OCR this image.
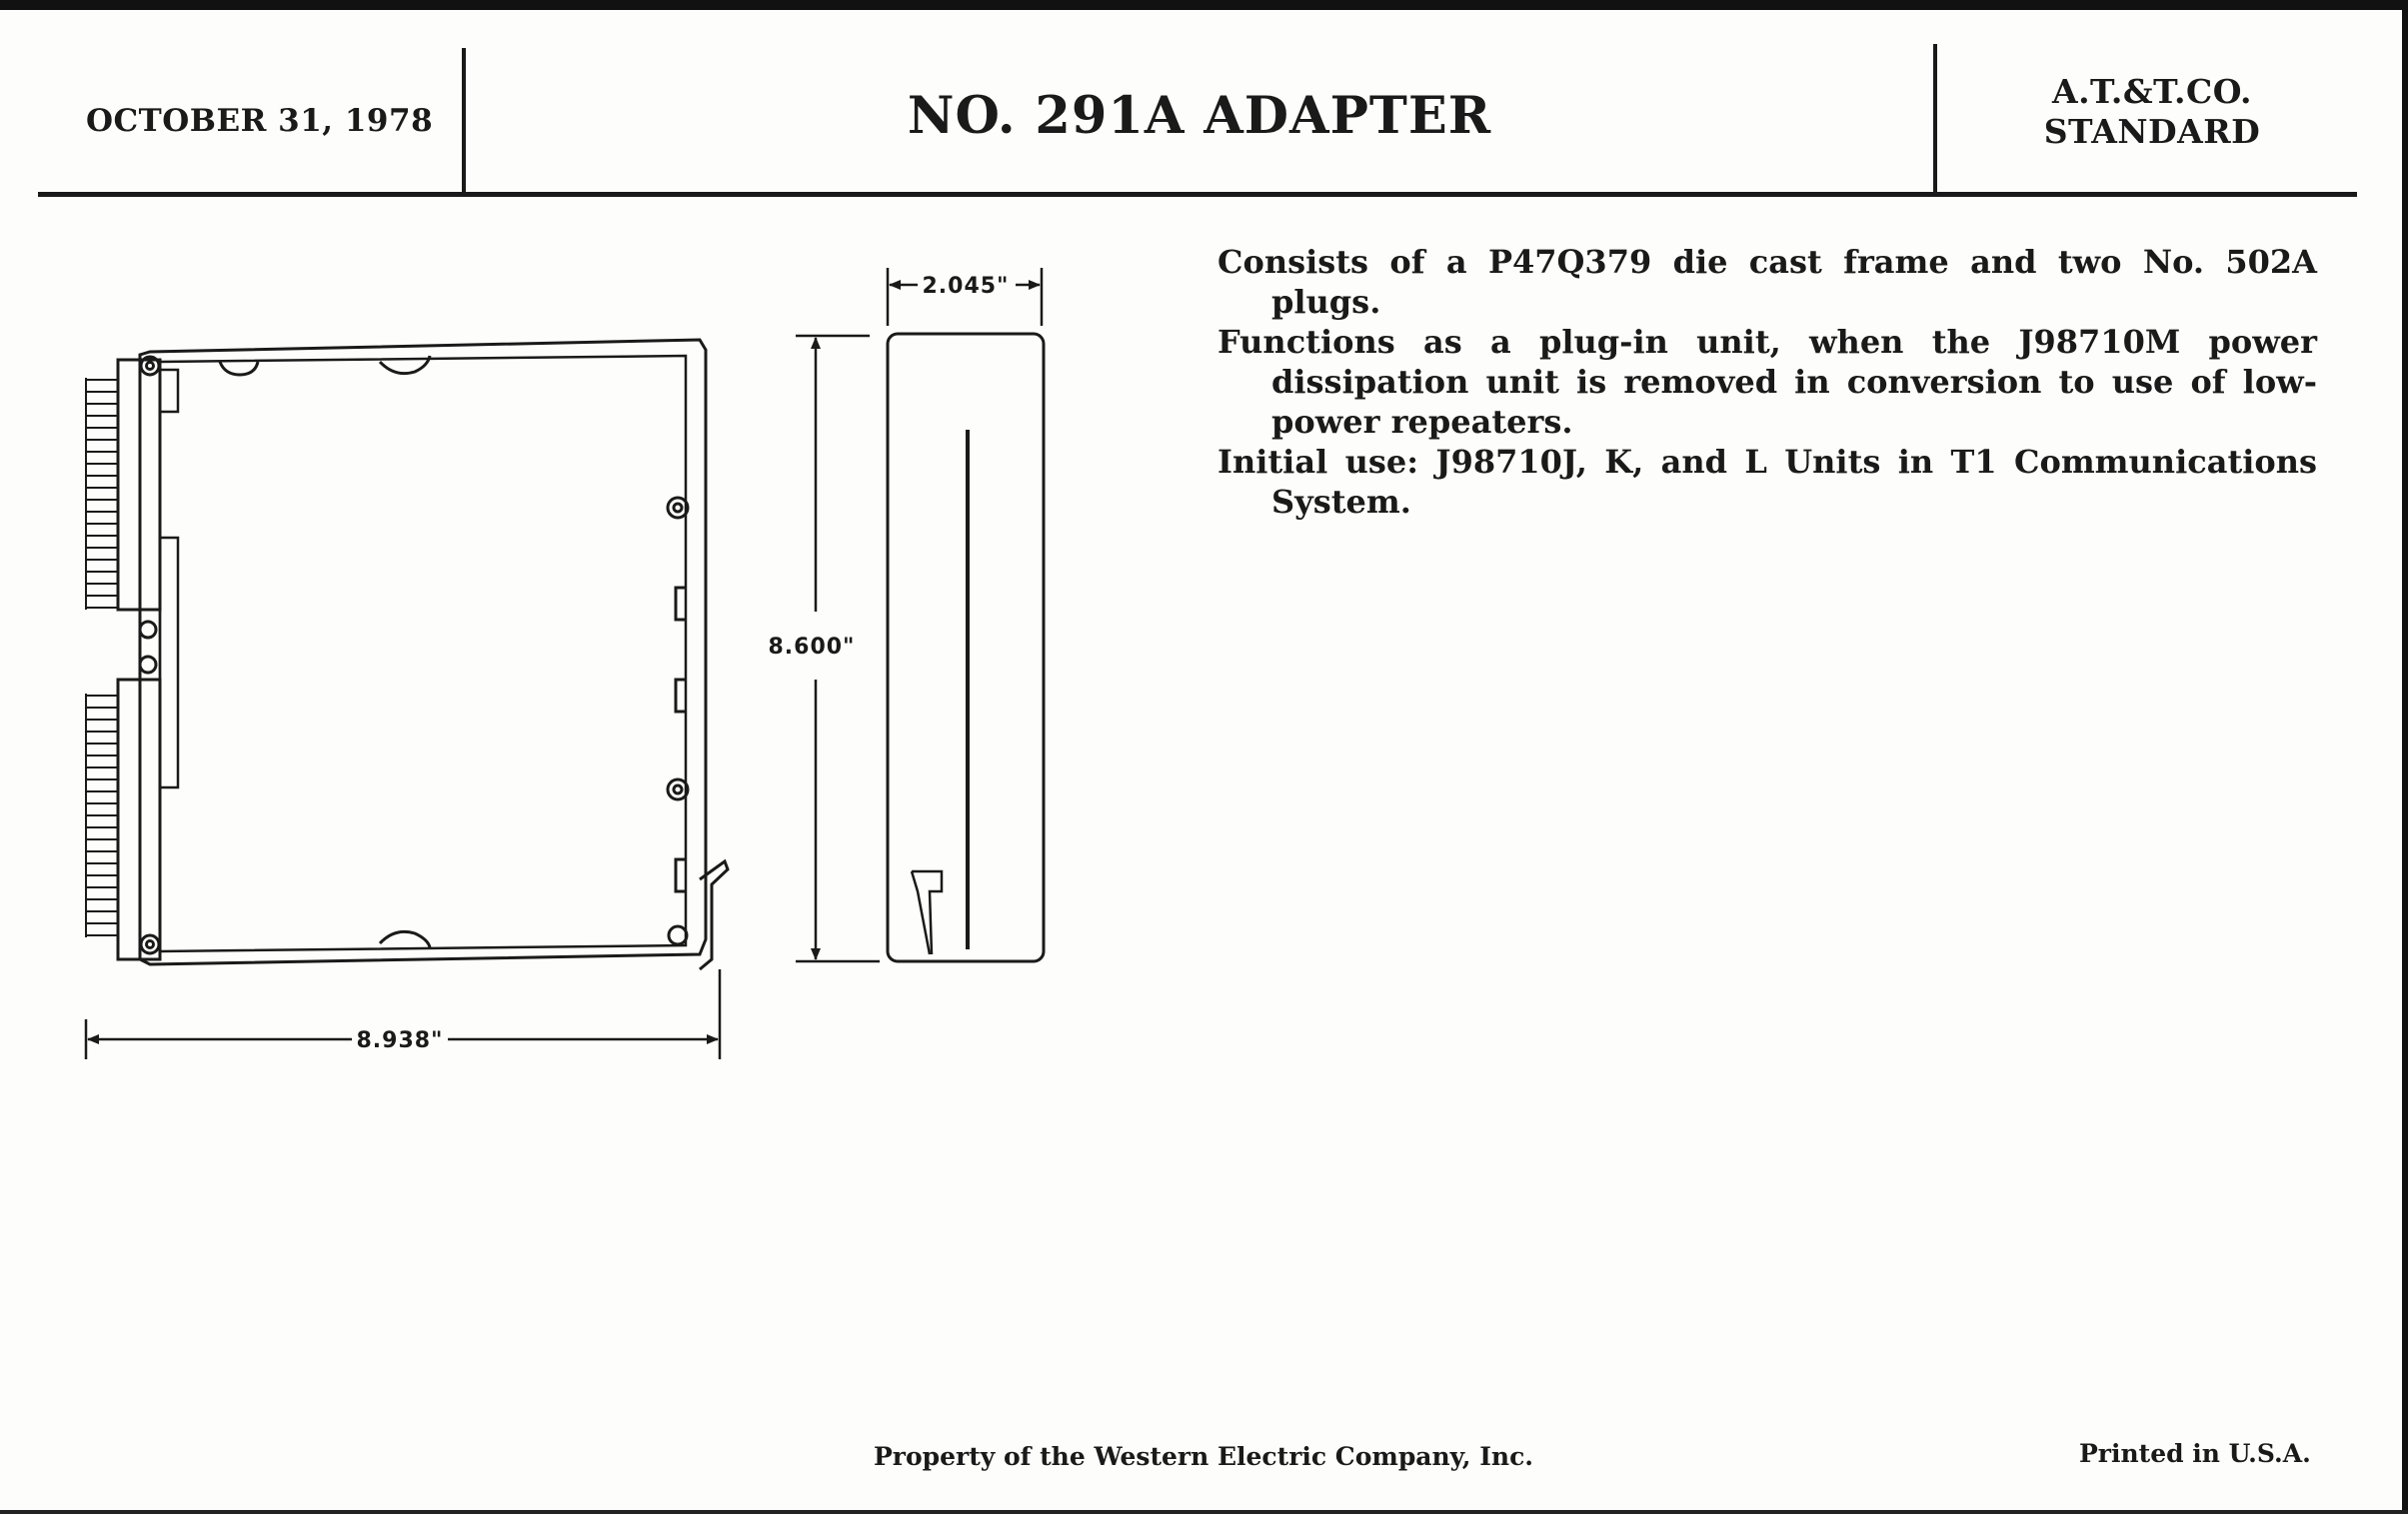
OCTOBER 31, 1978	NO. 291A ADAPTER	A.T.&T.CO.
STANDARD

Consists of a P47Q379 die cast frame and two No. 502A plugs.

Functions as a plug-in unit, when the J98710M power dissipation unit is removed in conversion to use of low-power repeaters.

Initial use: J98710J, K, and L Units in T1 Communications System.

8.938"
8.600"
2.045"
Property of the Western Electric Company, Inc.	Printed in U.S.A.
